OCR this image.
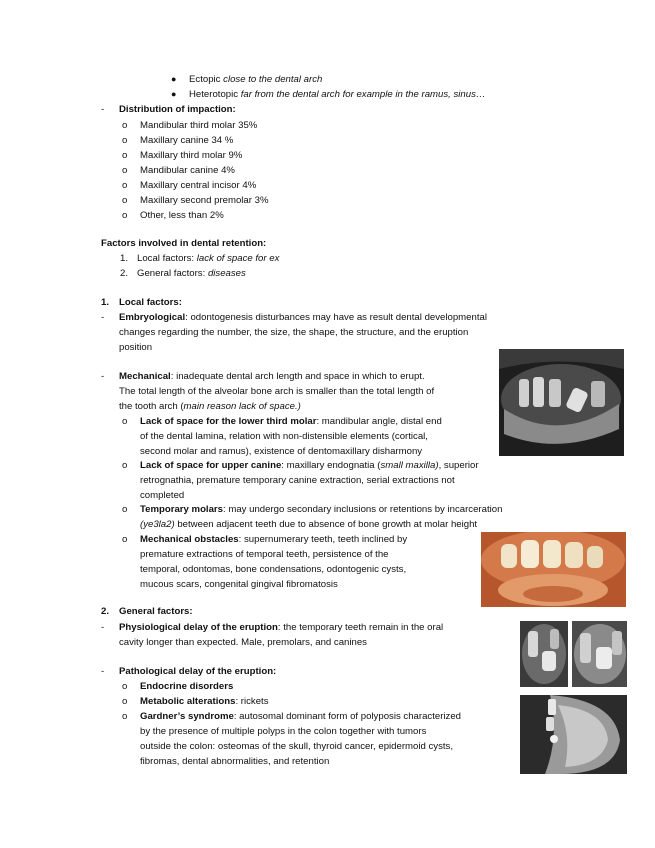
● Ectopic close to the dental arch
● Heterotopic far from the dental arch for example in the ramus, sinus…
- Distribution of impaction:
o Mandibular third molar 35%
o Maxillary canine 34 %
o Maxillary third molar 9%
o Mandibular canine 4%
o Maxillary central incisor 4%
o Maxillary second premolar 3%
o Other, less than 2%
Factors involved in dental retention:
1. Local factors: lack of space for ex
2. General factors: diseases
1. Local factors:
- Embryological: odontogenesis disturbances may have as result dental developmental
changes regarding the number, the size, the shape, the structure, and the eruption
position
- Mechanical: inadequate dental arch length and space in which to erupt.
The total length of the alveolar bone arch is smaller than the total length of
the tooth arch (main reason lack of space.)
o Lack of space for the lower third molar: mandibular angle, distal end
of the dental lamina, relation with non-distensible elements (cortical,
second molar and ramus), existence of dentomaxillary disharmony
o Lack of space for upper canine: maxillary endognatia (small maxilla), superior
retrognathia, premature temporary canine extraction, serial extractions not
completed
o Temporary molars: may undergo secondary inclusions or retentions by incarceration
(ye3la2) between adjacent teeth due to absence of bone growth at molar height
o Mechanical obstacles: supernumerary teeth, teeth inclined by
premature extractions of temporal teeth, persistence of the
temporal, odontomas, bone condensations, odontogenic cysts,
mucous scars, congenital gingival fibromatosis
2. General factors:
- Physiological delay of the eruption: the temporary teeth remain in the oral
cavity longer than expected. Male, premolars, and canines
- Pathological delay of the eruption:
o Endocrine disorders
o Metabolic alterations: rickets
o Gardner’s syndrome: autosomal dominant form of polyposis characterized
by the presence of multiple polyps in the colon together with tumors
outside the colon: osteomas of the skull, thyroid cancer, epidermoid cysts,
fibromas, dental abnormalities, and retention
